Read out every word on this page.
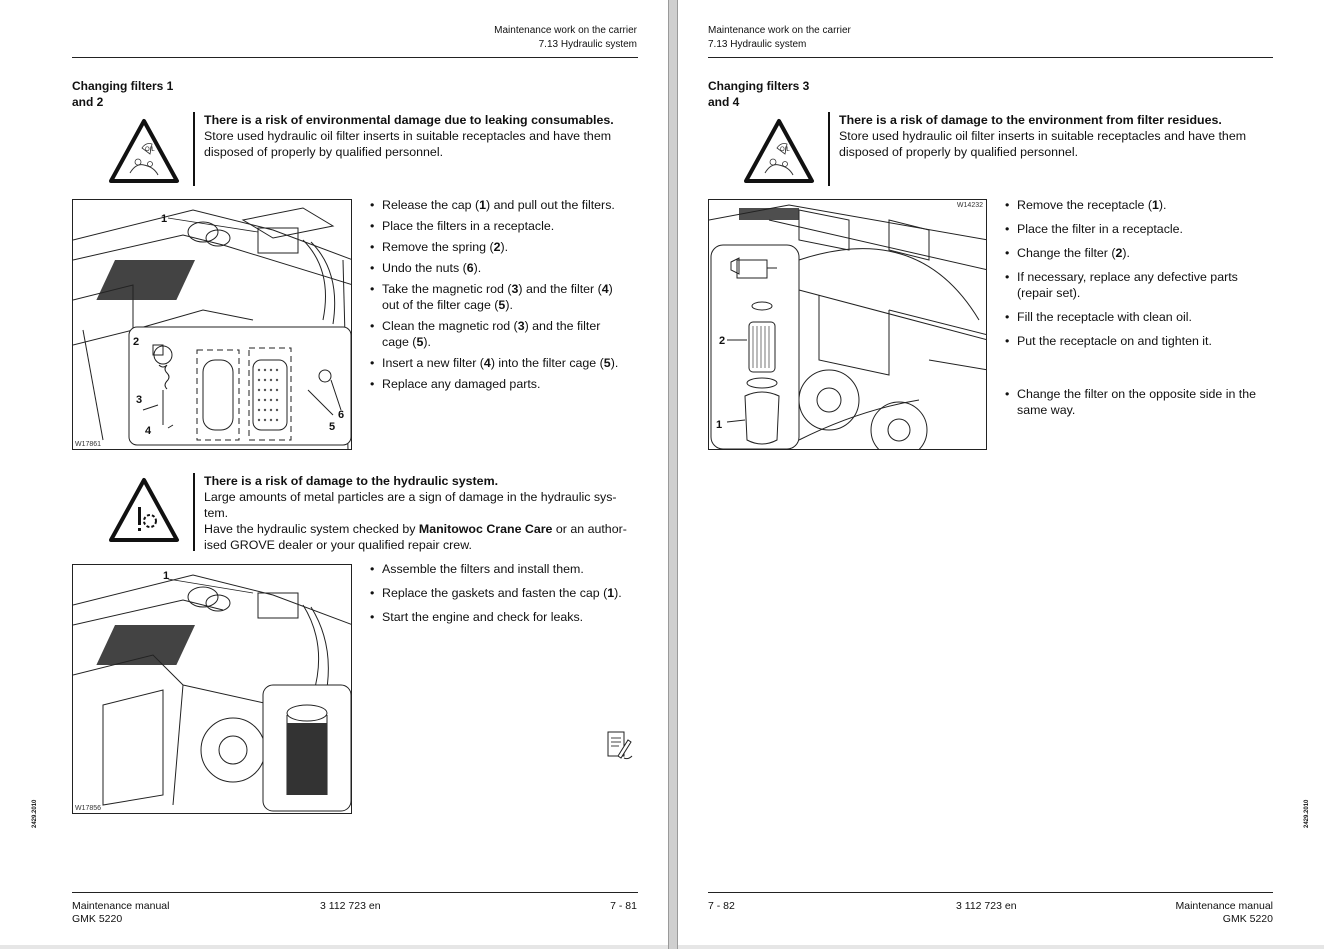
Maintenance work on the carrier
7.13 Hydraulic system
Changing filters 1
and 2
OIL
There is a risk of environmental damage due to leaking consumables.
Store used hydraulic oil filter inserts in suitable receptacles and have them
disposed of properly by qualified personnel.
1
2
3
4	5
6
W17861
• Release the cap (1) and pull out the filters.
• Place the filters in a receptacle.
• Remove the spring (2).
• Undo the nuts (6).
• Take the magnetic rod (3) and the filter (4)
out of the filter cage (5).
• Clean the magnetic rod (3) and the filter
cage (5).
• Insert a new filter (4) into the filter cage (5).
• Replace any damaged parts.
There is a risk of damage to the hydraulic system.
Large amounts of metal particles are a sign of damage in the hydraulic sys-
tem.
Have the hydraulic system checked by Manitowoc Crane Care or an author-
ised GROVE dealer or your qualified repair crew.
1
W17856
• Assemble the filters and install them.
• Replace the gaskets and fasten the cap (1).
• Start the engine and check for leaks.
2429.2010
Maintenance manual
GMK 5220
3 112 723 en	7 - 81
Maintenance work on the carrier
7.13 Hydraulic system
Changing filters 3
and 4
OIL
There is a risk of damage to the environment from filter residues.
Store used hydraulic oil filter inserts in suitable receptacles and have them
disposed of properly by qualified personnel.
2
1
W14232
•	Remove the receptacle (1).
• Place the filter in a receptacle.
• Change the filter (2).
• If necessary, replace any defective parts
(repair set).
• Fill the receptacle with clean oil.
• Put the receptacle on and tighten it.
• Change the filter on the opposite side in the
same way.
2429.2010
7 - 82	3 112 723 en	Maintenance manual
GMK 5220
